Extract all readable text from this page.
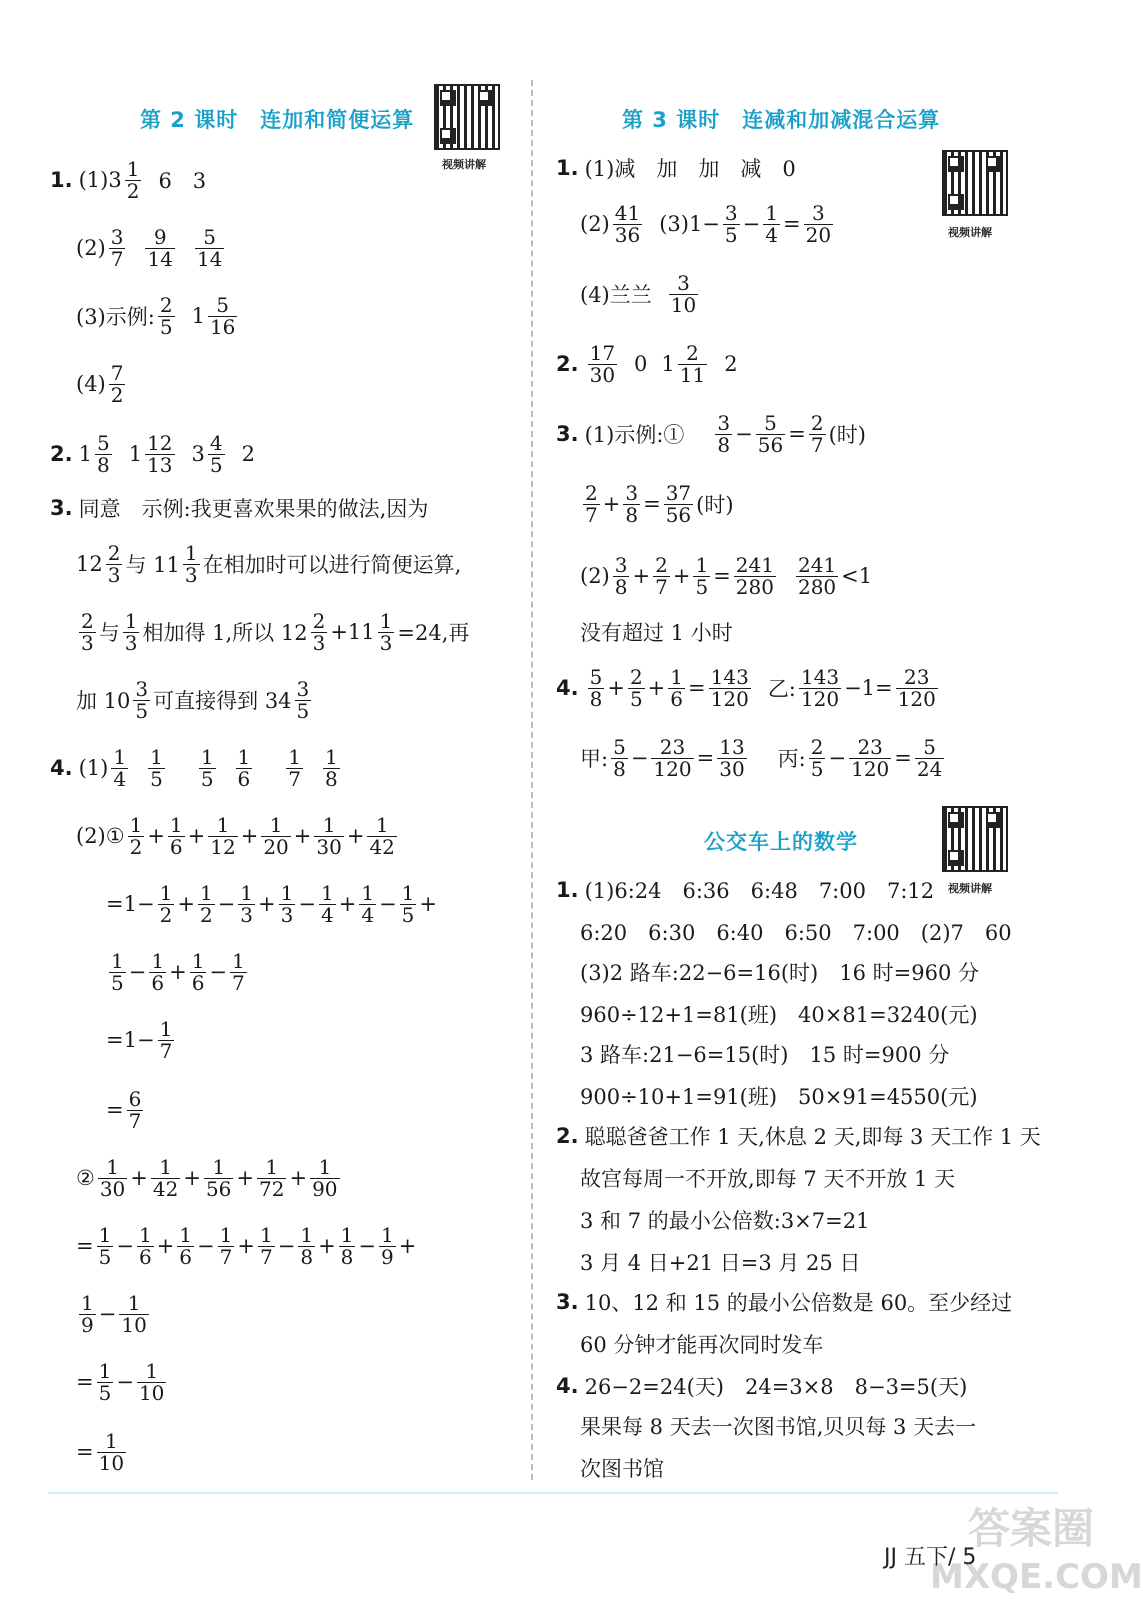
第 2 课时　连加和简便运算
视频讲解
1. $(1)3 \frac{1}{2} 6$　3
$(2) \frac{3}{7} \frac{9}{14} \frac{5}{14}$
(3)示例: $\frac{2}{5} 1 \frac{5}{16}$
$(4) \frac{7}{2}$
2. $1 \frac{5}{8} 1 \frac{12}{13} 3 \frac{4}{5} 2$
3. 同意　示例:我更喜欢果果的做法,因为
$12 \frac{2}{3}$ 与 $11 \frac{1}{3}$ 在相加时可以进行简便运算,
$\frac{2}{3}$ 与 $\frac{1}{3}$ 相加得 1,所以 $12 \frac{2}{3} +11 \frac{1}{3} =24$,再
加 $10 \frac{3}{5}$ 可直接得到 $34 \frac{3}{5}$
4. $(1) \frac{1}{4} \frac{1}{5} \frac{1}{5} \frac{1}{6} \frac{1}{7} \frac{1}{8}$
(2)① $\frac{1}{2} + \frac{1}{6} + \frac{1}{12} + \frac{1}{20} + \frac{1}{30} + \frac{1}{42}$
= $1 - \frac{1}{2} + \frac{1}{2} - \frac{1}{3} + \frac{1}{3} - \frac{1}{4} + \frac{1}{4} - \frac{1}{5}$ +
$\frac{1}{5} - \frac{1}{6} + \frac{1}{6} - \frac{1}{7}$
= $1 - \frac{1}{7}$
= $\frac{6}{7}$
② $\frac{1}{30} + \frac{1}{42} + \frac{1}{56} + \frac{1}{72} + \frac{1}{90}$
= $\frac{1}{5} - \frac{1}{6} + \frac{1}{6} - \frac{1}{7} + \frac{1}{7} - \frac{1}{8} + \frac{1}{8} - \frac{1}{9}$ +
$\frac{1}{9} - \frac{1}{10}$
= $\frac{1}{5} - \frac{1}{10}$
= $\frac{1}{10}$
第 3 课时　连减和加减混合运算
视频讲解
1. (1)减　加　加　减　0
$(2) \frac{41}{36} (3)1- \frac{3}{5} - \frac{1}{4} = \frac{3}{20}$
(4)兰兰 $\frac{3}{10}$
2. $\frac{17}{30} 0$ $1 \frac{2}{11} 2$
3. (1)示例:① $\frac{3}{8} - \frac{5}{56} = \frac{2}{7}$ (时)
$\frac{2}{7} + \frac{3}{8} = \frac{37}{56}$ (时)
$(2) \frac{3}{8} + \frac{2}{7} + \frac{1}{5} = \frac{241}{280} \frac{241}{280} <1$
没有超过 1 小时
4. $\frac{5}{8} + \frac{2}{5} + \frac{1}{6} = \frac{143}{120}$ 乙: $\frac{143}{120} -1= \frac{23}{120}$
甲: $\frac{5}{8} - \frac{23}{120} = \frac{13}{30}$ 丙: $\frac{2}{5} - \frac{23}{120} = \frac{5}{24}$
公交车上的数学
视频讲解
1. (1)6:24　6:36　6:48　7:00　7:12
6:20　6:30　6:40　6:50　7:00　(2)7　60
(3)2 路车:22−6=16(时)　16 时=960 分
960÷12+1=81(班)　40×81=3240(元)
3 路车:21−6=15(时)　15 时=900 分
900÷10+1=91(班)　50×91=4550(元)
2. 聪聪爸爸工作 1 天,休息 2 天,即每 3 天工作 1 天
故宫每周一不开放,即每 7 天不开放 1 天
3 和 7 的最小公倍数:3×7=21
3 月 4 日+21 日=3 月 25 日
3. 10、12 和 15 的最小公倍数是 60。至少经过
60 分钟才能再次同时发车
4. 26−2=24(天)　24=3×8　8−3=5(天)
果果每 8 天去一次图书馆,贝贝每 3 天去一
次图书馆
答案圈
MXQE.COM
JJ 五下/ 5
